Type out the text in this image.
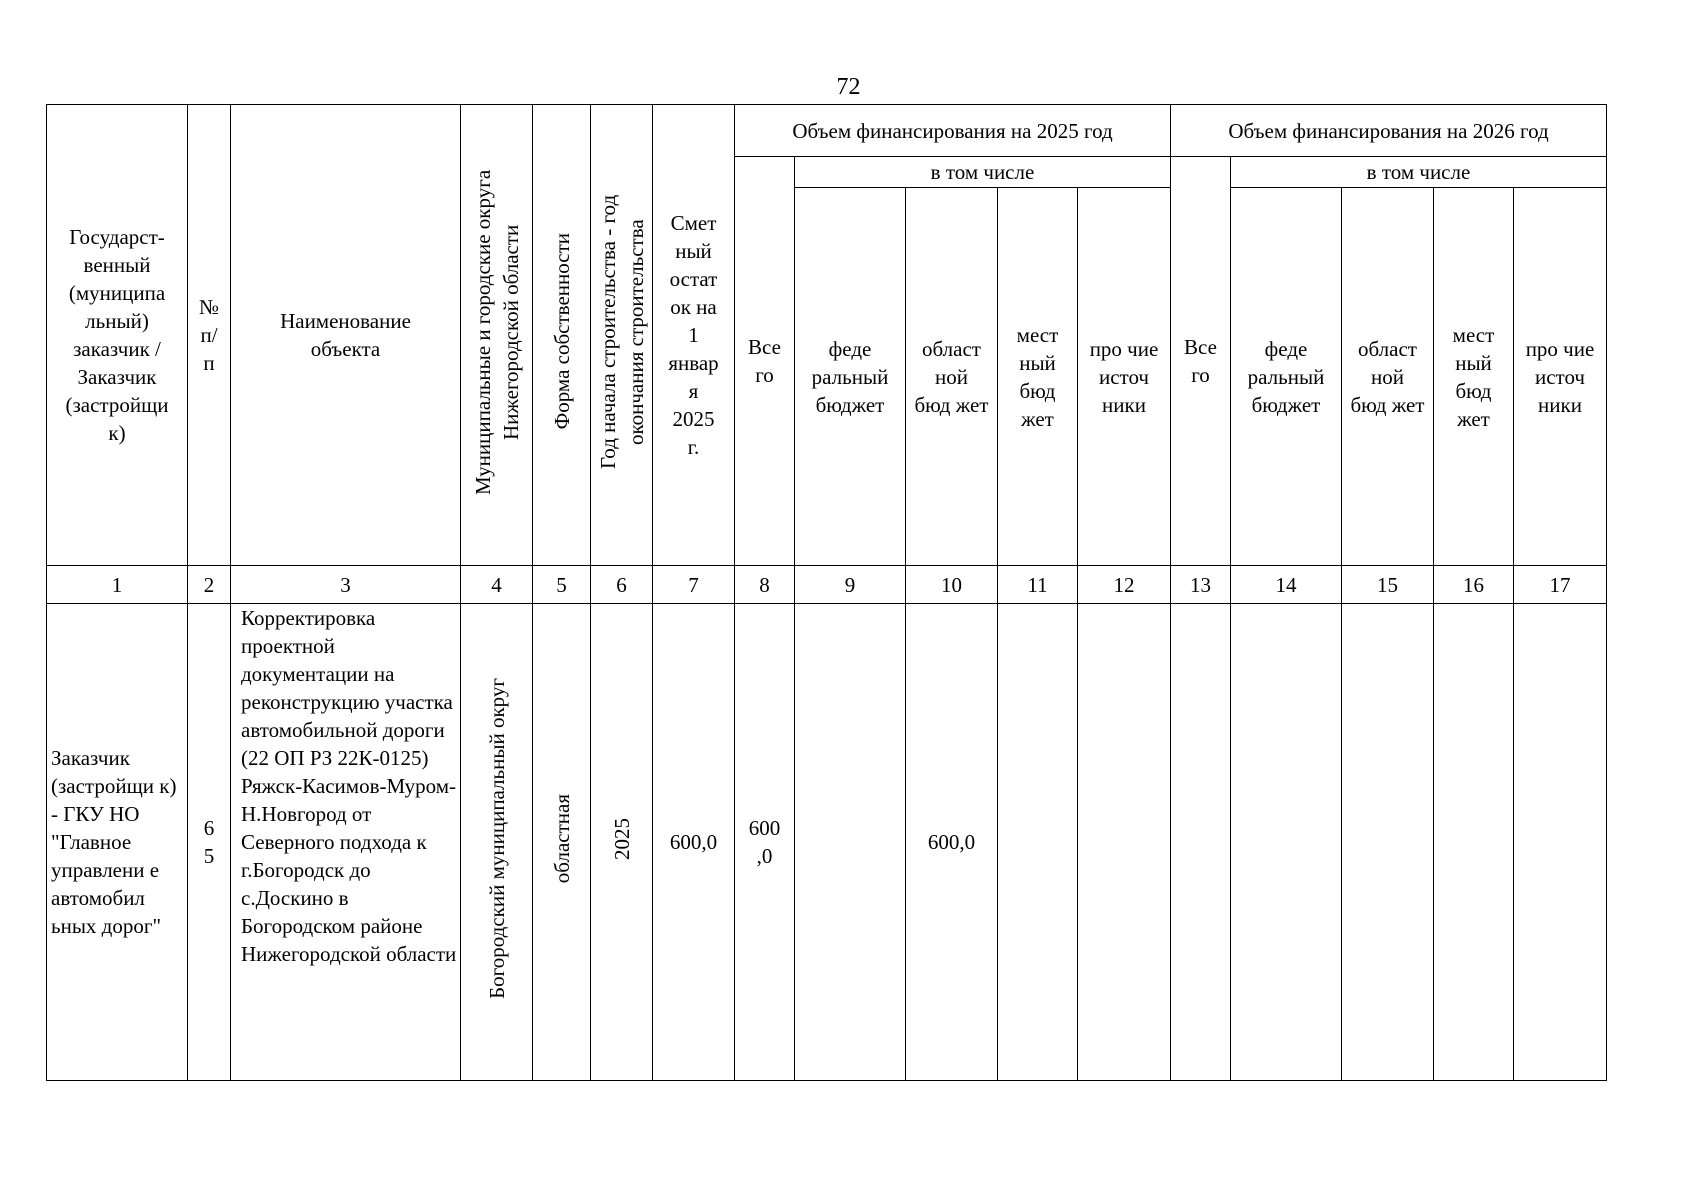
72
Государст-венный (муниципа льный) заказчик / Заказчик (застройщи к)	№ п/ п	Наименование объекта	Муниципальные и городские округа Нижегородской области	Форма собственности	Год начала строительства - год окончания строительства	Смет ный остат ок на 1 январ я 2025 г.	Объем финансирования на 2025 год					Объем финансирования на 2026 год				
							Все го	в том числе				Все го	в том числе			
								феде ральный бюджет	област ной бюд жет	мест ный бюд жет	про чие источ ники		феде ральный бюджет	област ной бюд жет	мест ный бюд жет	про чие источ ники
1	2	3	4	5	6	7	8	9	10	11	12	13	14	15	16	17
Заказчик (застройщи к) - ГКУ НО "Главное управлени е автомобил ьных дорог"	6 5	Корректировка проектной документации на реконструкцию участка автомобильной дороги (22 ОП РЗ 22К-0125) Ряжск-Касимов-Муром-Н.Новгород от Северного подхода к г.Богородск до с.Доскино в Богородском районе Нижегородской области	Богородский муниципальный округ	областная	2025	600,0	600 ,0		600,0							
